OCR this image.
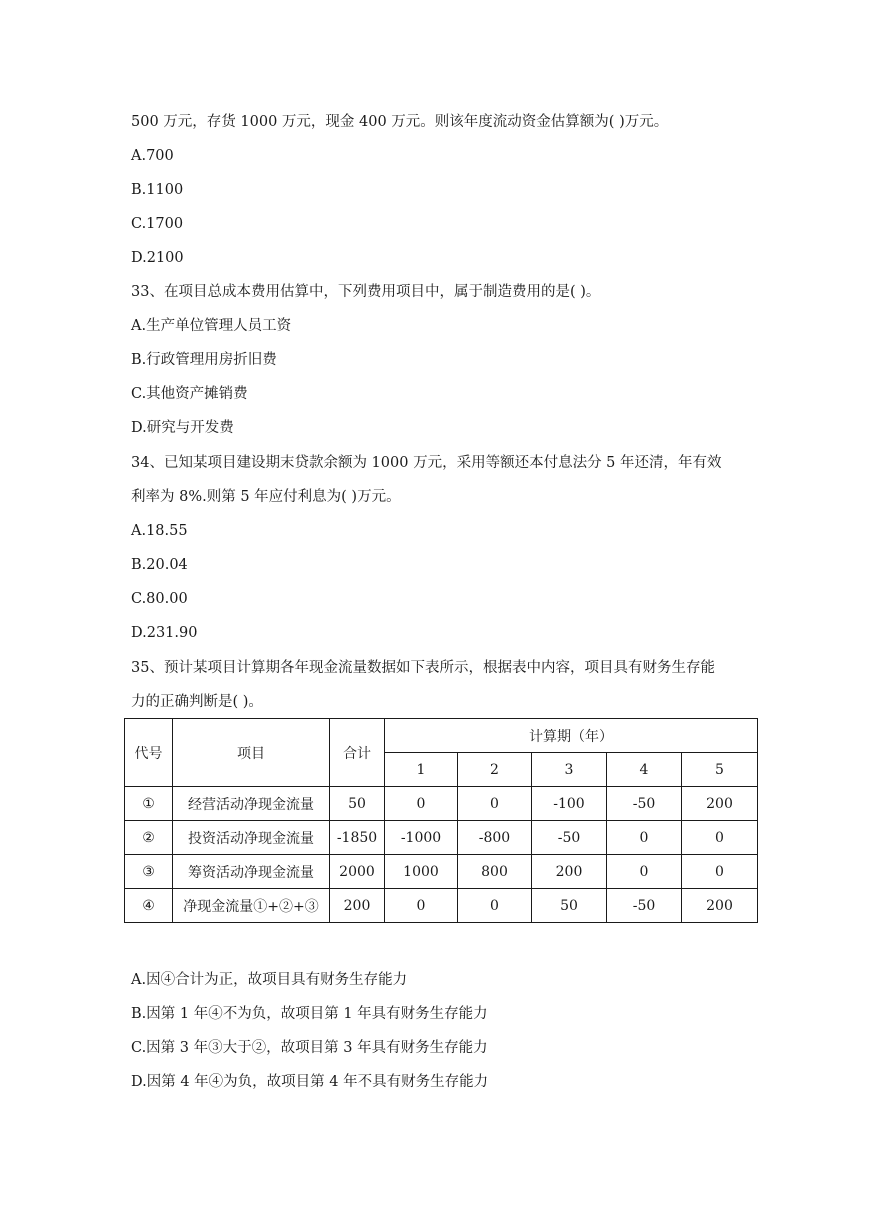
500 万元，存货 1000 万元，现金 400 万元。则该年度流动资金估算额为( )万元。
A.700
B.1100
C.1700
D.2100
33、在项目总成本费用估算中，下列费用项目中，属于制造费用的是( )。
A.生产单位管理人员工资
B.行政管理用房折旧费
C.其他资产摊销费
D.研究与开发费
34、已知某项目建设期末贷款余额为 1000 万元，采用等额还本付息法分 5 年还清，年有效
利率为 8%.则第 5 年应付利息为( )万元。
A.18.55
B.20.04
C.80.00
D.231.90
35、预计某项目计算期各年现金流量数据如下表所示，根据表中内容，项目具有财务生存能
力的正确判断是( )。
代号	项目	合计	计算期（年）				
			1	2	3	4	5
①	经营活动净现金流量	50	0	0	-100	-50	200
②	投资活动净现金流量	-1850	-1000	-800	-50	0	0
③	筹资活动净现金流量	2000	1000	800	200	0	0
④	净现金流量①+②+③	200	0	0	50	-50	200
A.因④合计为正，故项目具有财务生存能力
B.因第 1 年④不为负，故项目第 1 年具有财务生存能力
C.因第 3 年③大于②，故项目第 3 年具有财务生存能力
D.因第 4 年④为负，故项目第 4 年不具有财务生存能力
